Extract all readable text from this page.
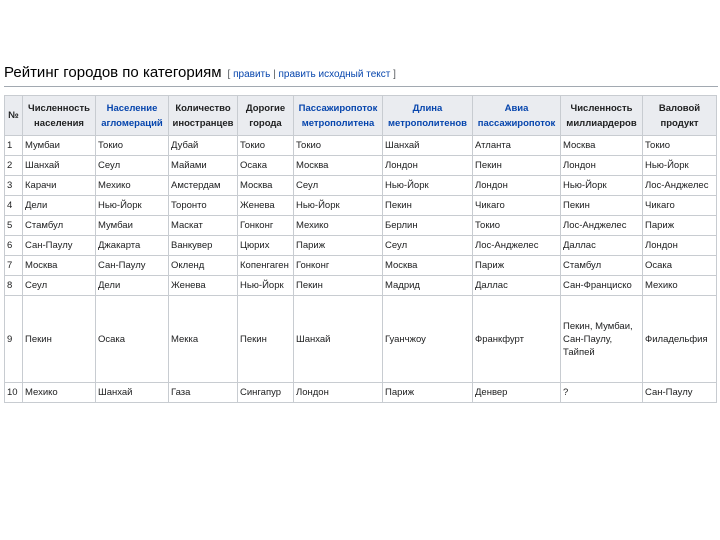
Рейтинг городов по категориям [ править | править исходный текст ]
№	Численность населения	Население агломераций	Количество иностранцев	Дорогие города	Пассажиропоток метрополитена	Длина метрополитенов	Авиа пассажиропоток	Численность миллиардеров	Валовой продукт
1	Мумбаи	Токио	Дубай	Токио	Токио	Шанхай	Атланта	Москва	Токио
2	Шанхай	Сеул	Майами	Осака	Москва	Лондон	Пекин	Лондон	Нью-Йорк
3	Карачи	Мехико	Амстердам	Москва	Сеул	Нью-Йорк	Лондон	Нью-Йорк	Лос-Анджелес
4	Дели	Нью-Йорк	Торонто	Женева	Нью-Йорк	Пекин	Чикаго	Пекин	Чикаго
5	Стамбул	Мумбаи	Маскат	Гонконг	Мехико	Берлин	Токио	Лос-Анджелес	Париж
6	Сан-Паулу	Джакарта	Ванкувер	Цюрих	Париж	Сеул	Лос-Анджелес	Даллас	Лондон
7	Москва	Сан-Паулу	Окленд	Копенгаген	Гонконг	Москва	Париж	Стамбул	Осака
8	Сеул	Дели	Женева	Нью-Йорк	Пекин	Мадрид	Даллас	Сан-Франциско	Мехико
9	Пекин	Осака	Мекка	Пекин	Шанхай	Гуанчжоу	Франкфурт	Пекин, Мумбаи, Сан-Паулу, Тайпей	Филадельфия
10	Мехико	Шанхай	Газа	Сингапур	Лондон	Париж	Денвер	?	Сан-Паулу
